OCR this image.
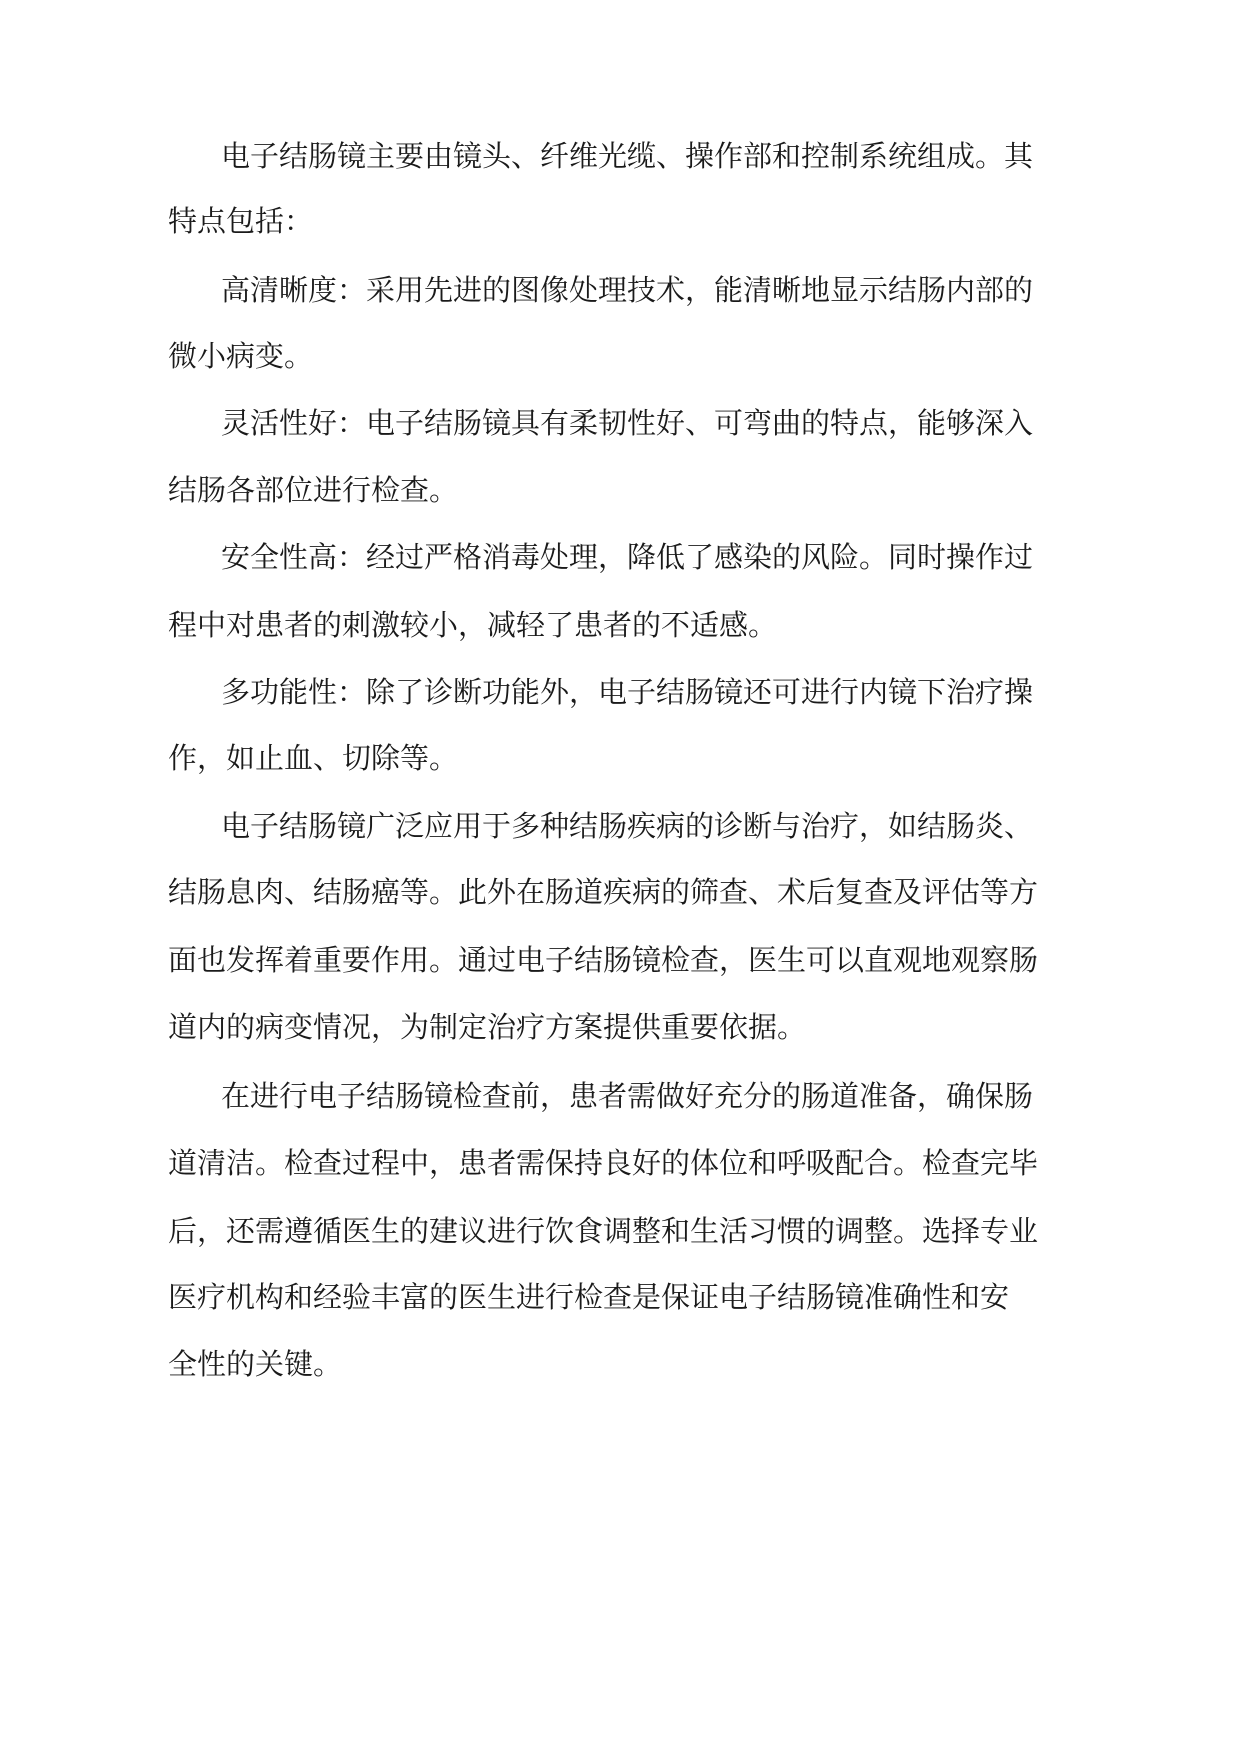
电子结肠镜主要由镜头、纤维光缆、操作部和控制系统组成。其

特点包括：

高清晰度：采用先进的图像处理技术，能清晰地显示结肠内部的

微小病变。

灵活性好：电子结肠镜具有柔韧性好、可弯曲的特点，能够深入

结肠各部位进行检查。

安全性高：经过严格消毒处理，降低了感染的风险。同时操作过

程中对患者的刺激较小，减轻了患者的不适感。

多功能性：除了诊断功能外，电子结肠镜还可进行内镜下治疗操

作，如止血、切除等。

电子结肠镜广泛应用于多种结肠疾病的诊断与治疗，如结肠炎、

结肠息肉、结肠癌等。此外在肠道疾病的筛查、术后复查及评估等方

面也发挥着重要作用。通过电子结肠镜检查，医生可以直观地观察肠

道内的病变情况，为制定治疗方案提供重要依据。

在进行电子结肠镜检查前，患者需做好充分的肠道准备，确保肠

道清洁。检查过程中，患者需保持良好的体位和呼吸配合。检查完毕

后，还需遵循医生的建议进行饮食调整和生活习惯的调整。选择专业

医疗机构和经验丰富的医生进行检查是保证电子结肠镜准确性和安

全性的关键。
